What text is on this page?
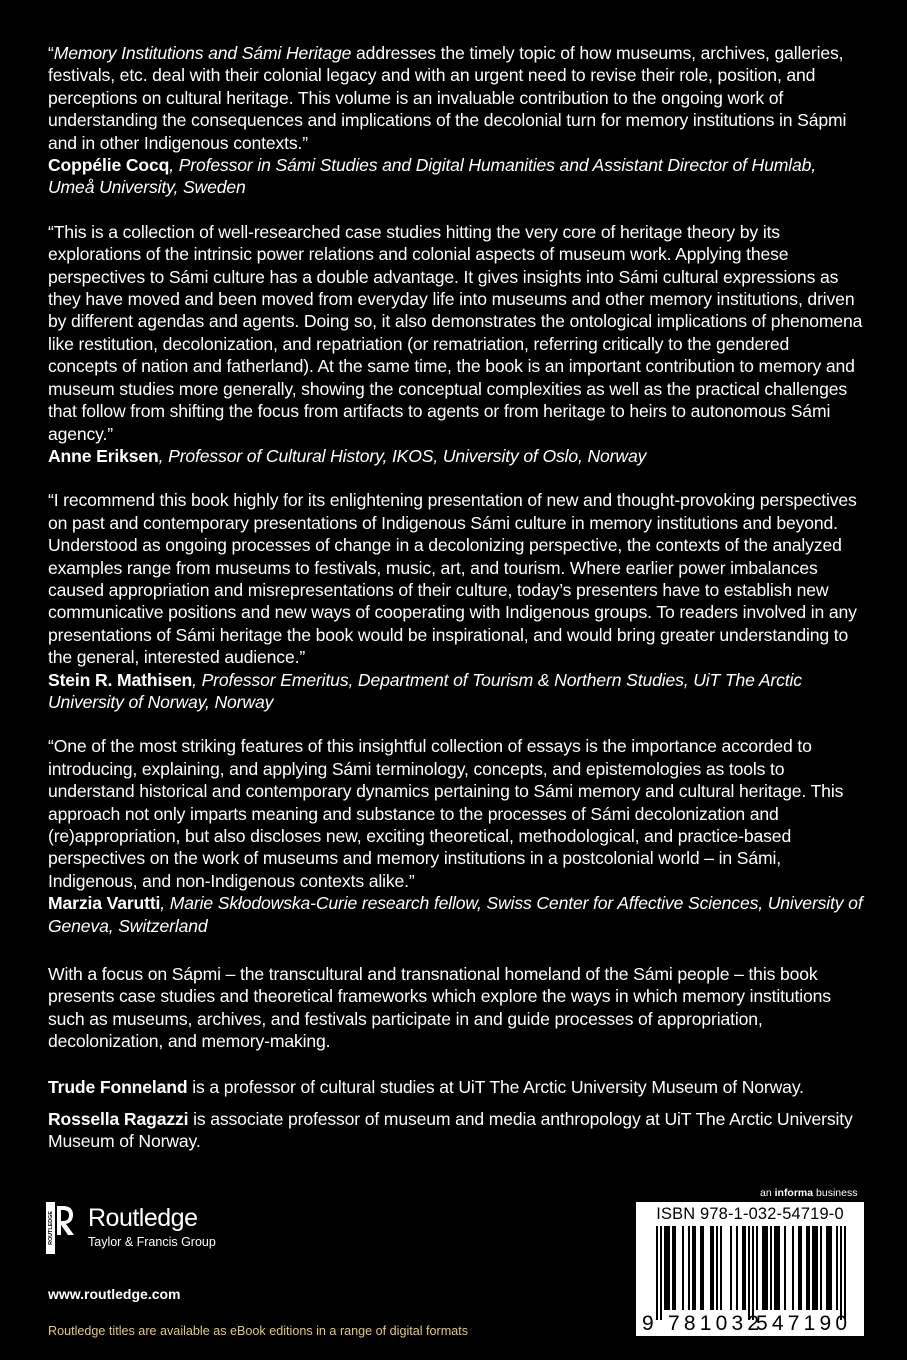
“Memory Institutions and Sámi Heritage addresses the timely topic of how museums, archives, galleries, festivals, etc. deal with their colonial legacy and with an urgent need to revise their role, position, and perceptions on cultural heritage. This volume is an invaluable contribution to the ongoing work of understanding the consequences and implications of the decolonial turn for memory institutions in Sápmi and in other Indigenous contexts.”

Coppélie Cocq, Professor in Sámi Studies and Digital Humanities and Assistant Director of Humlab, Umeå University, Sweden

“This is a collection of well-researched case studies hitting the very core of heritage theory by its explorations of the intrinsic power relations and colonial aspects of museum work. Applying these perspectives to Sámi culture has a double advantage. It gives insights into Sámi cultural expressions as they have moved and been moved from everyday life into museums and other memory institutions, driven by different agendas and agents. Doing so, it also demonstrates the ontological implications of phenomena like restitution, decolonization, and repatriation (or rematriation, referring critically to the gendered concepts of nation and fatherland). At the same time, the book is an important contribution to memory and museum studies more generally, showing the conceptual complexities as well as the practical challenges that follow from shifting the focus from artifacts to agents or from heritage to heirs to autonomous Sámi agency.”

Anne Eriksen, Professor of Cultural History, IKOS, University of Oslo, Norway

“I recommend this book highly for its enlightening presentation of new and thought-provoking perspectives on past and contemporary presentations of Indigenous Sámi culture in memory institutions and beyond. Understood as ongoing processes of change in a decolonizing perspective, the contexts of the analyzed examples range from museums to festivals, music, art, and tourism. Where earlier power imbalances caused appropriation and misrepresentations of their culture, today’s presenters have to establish new communicative positions and new ways of cooperating with Indigenous groups. To readers involved in any presentations of Sámi heritage the book would be inspirational, and would bring greater understanding to the general, interested audience.”

Stein R. Mathisen, Professor Emeritus, Department of Tourism & Northern Studies, UiT The Arctic University of Norway, Norway

“One of the most striking features of this insightful collection of essays is the importance accorded to introducing, explaining, and applying Sámi terminology, concepts, and epistemologies as tools to understand historical and contemporary dynamics pertaining to Sámi memory and cultural heritage. This approach not only imparts meaning and substance to the processes of Sámi decolonization and (re)appropriation, but also discloses new, exciting theoretical, methodological, and practice-based perspectives on the work of museums and memory institutions in a postcolonial world – in Sámi, Indigenous, and non-Indigenous contexts alike.”

Marzia Varutti, Marie Skłodowska-Curie research fellow, Swiss Center for Affective Sciences, University of Geneva, Switzerland

With a focus on Sápmi – the transcultural and transnational homeland of the Sámi people – this book presents case studies and theoretical frameworks which explore the ways in which memory institutions such as museums, archives, and festivals participate in and guide processes of appropriation, decolonization, and memory-making.

Trude Fonneland is a professor of cultural studies at UiT The Arctic University Museum of Norway.

Rossella Ragazzi is associate professor of museum and media anthropology at UiT The Arctic University Museum of Norway.

ROUTLEDGE Routledge
Taylor & Francis Group
www.routledge.com
Routledge titles are available as eBook editions in a range of digital formats
an informa business
ISBN 978-1-032-54719-0
9 781032
547190
